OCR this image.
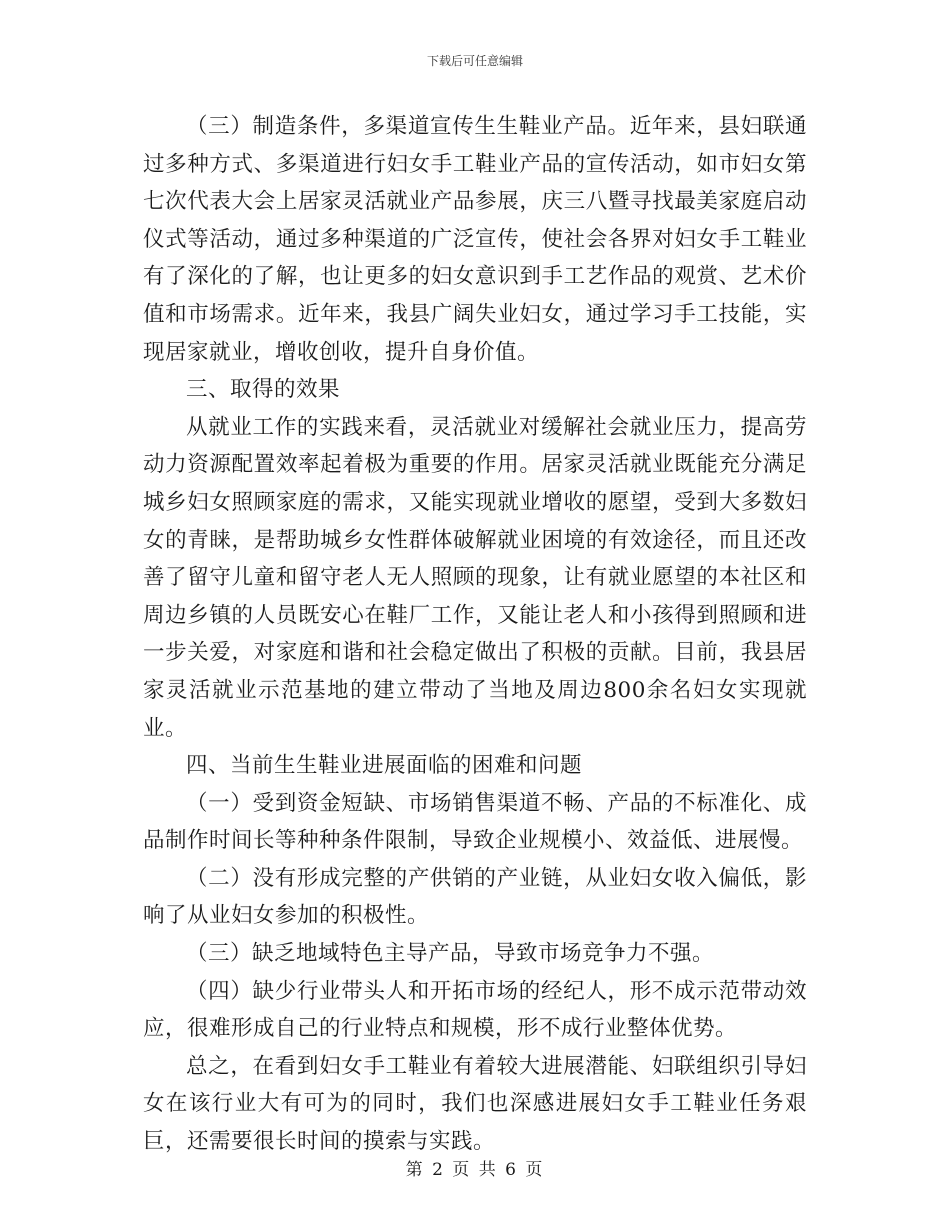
下载后可任意编辑

（三）制造条件，多渠道宣传生生鞋业产品。近年来，县妇联通过多种方式、多渠道进行妇女手工鞋业产品的宣传活动，如市妇女第七次代表大会上居家灵活就业产品参展，庆三八暨寻找最美家庭启动仪式等活动，通过多种渠道的广泛宣传，使社会各界对妇女手工鞋业有了深化的了解，也让更多的妇女意识到手工艺作品的观赏、艺术价值和市场需求。近年来，我县广阔失业妇女，通过学习手工技能，实现居家就业，增收创收，提升自身价值。

三、取得的效果

从就业工作的实践来看，灵活就业对缓解社会就业压力，提高劳动力资源配置效率起着极为重要的作用。居家灵活就业既能充分满足城乡妇女照顾家庭的需求，又能实现就业增收的愿望，受到大多数妇女的青睐，是帮助城乡女性群体破解就业困境的有效途径，而且还改善了留守儿童和留守老人无人照顾的现象，让有就业愿望的本社区和周边乡镇的人员既安心在鞋厂工作，又能让老人和小孩得到照顾和进一步关爱，对家庭和谐和社会稳定做出了积极的贡献。目前，我县居家灵活就业示范基地的建立带动了当地及周边800余名妇女实现就业。

四、当前生生鞋业进展面临的困难和问题

（一）受到资金短缺、市场销售渠道不畅、产品的不标准化、成品制作时间长等种种条件限制，导致企业规模小、效益低、进展慢。

（二）没有形成完整的产供销的产业链，从业妇女收入偏低，影响了从业妇女参加的积极性。

（三）缺乏地域特色主导产品，导致市场竞争力不强。

（四）缺少行业带头人和开拓市场的经纪人，形不成示范带动效应，很难形成自己的行业特点和规模，形不成行业整体优势。

总之，在看到妇女手工鞋业有着较大进展潜能、妇联组织引导妇女在该行业大有可为的同时，我们也深感进展妇女手工鞋业任务艰巨，还需要很长时间的摸索与实践。

第 2 页 共 6 页
